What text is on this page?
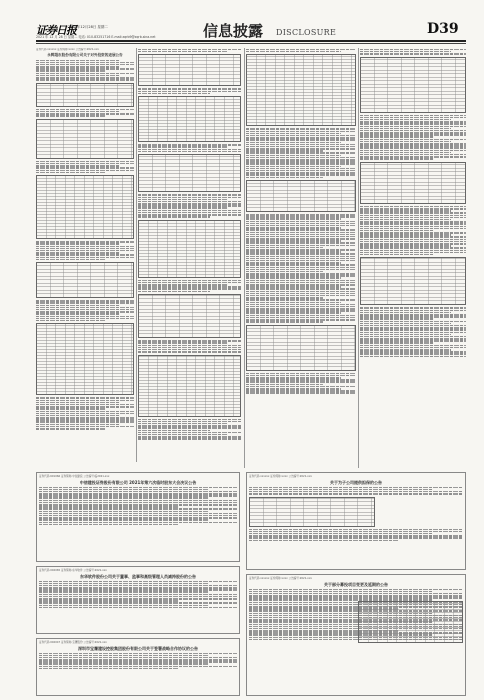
证券日报
2021年12月28日 星期二
2021 年 12 月 28 日 星期二 电话: 010-83251716 E-mail:zqrb9@zqrb.sina.net	信息披露 DISCLOSURE	D39
证券代码:xxxxxx 证券简称:xxxx 公告编号:2021-xxx
永辉超市股份有限公司关于对外投资的进展公告
证券代码:601066 证券简称:中信建投 公告编号:临2021-xxx
中信建投证券股份有限公司 2021年第六次临时股东大会决议公告
证券代码:002065 证券简称:东华软件 公告编号:2021-xxx
东华软件股份公司关于董事、监事和高级管理人员减持股份的公告
证券代码:002047 证券简称:宝鹰股份 公告编号:2021-xxx
深圳市宝鹰建设控股集团股份有限公司关于签署战略合作协议的公告
证券代码:xxxxxx 证券简称:xxxx 公告编号:2021-xxx
关于为子公司提供担保的公告
证券代码:xxxxxx 证券简称:xxxx 公告编号:2021-xxx
关于部分募投项目变更及延期的公告
